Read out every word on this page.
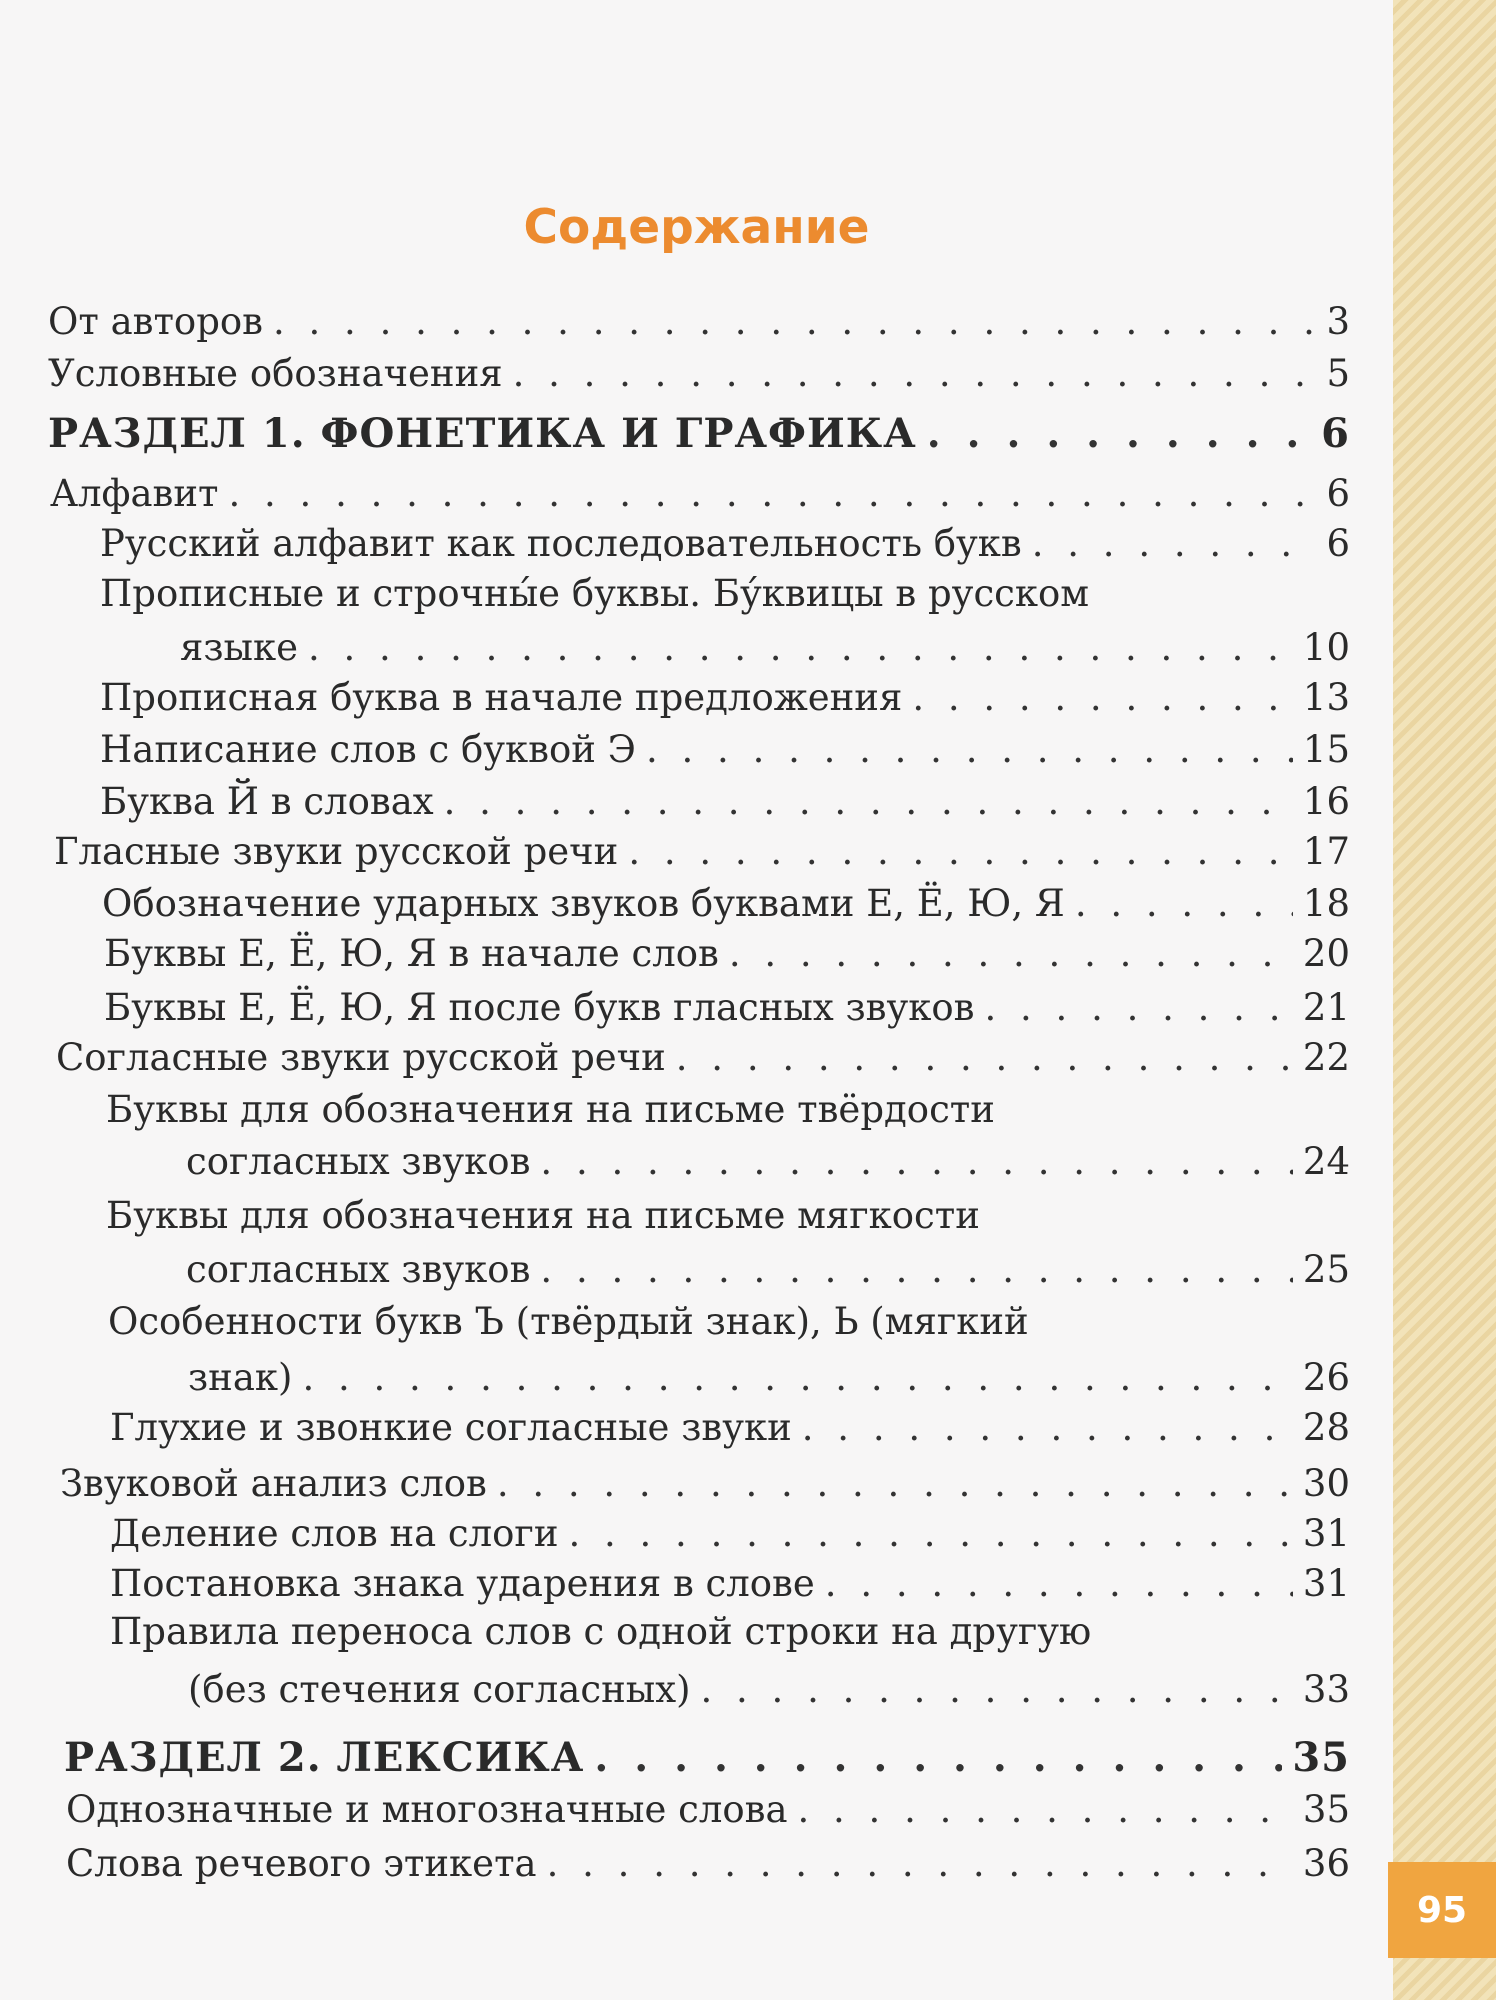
95
Содержание
От авторов . . .	3
Условные обозначения . . .	5
РАЗДЕЛ 1. ФОНЕТИКА И ГРАФИКА . . .	6
Алфавит . . .	6
Русский алфавит как последовательность букв . . .	6
Прописные и строчны́е буквы. Бу́квицы в русском
языке . . .	10
Прописная буква в начале предложения . . .	13
Написание слов с буквой Э . . .	15
Буква Й в словах . . .	16
Гласные звуки русской речи . . .	17
Обозначение ударных звуков буквами Е, Ё, Ю, Я . . .	18
Буквы Е, Ё, Ю, Я в начале слов . . .	20
Буквы Е, Ё, Ю, Я после букв гласных звуков . . .	21
Согласные звуки русской речи . . .	22
Буквы для обозначения на письме твёрдости
согласных звуков . . .	24
Буквы для обозначения на письме мягкости
согласных звуков . . .	25
Особенности букв Ъ (твёрдый знак), Ь (мягкий
знак) . . .	26
Глухие и звонкие согласные звуки . . .	28
Звуковой анализ слов . . .	30
Деление слов на слоги . . .	31
Постановка знака ударения в слове . . .	31
Правила переноса слов с одной строки на другую
(без стечения согласных) . . .	33
РАЗДЕЛ 2. ЛЕКСИКА . . .	35
Однозначные и многозначные слова . . .	35
Слова речевого этикета . . .	36
